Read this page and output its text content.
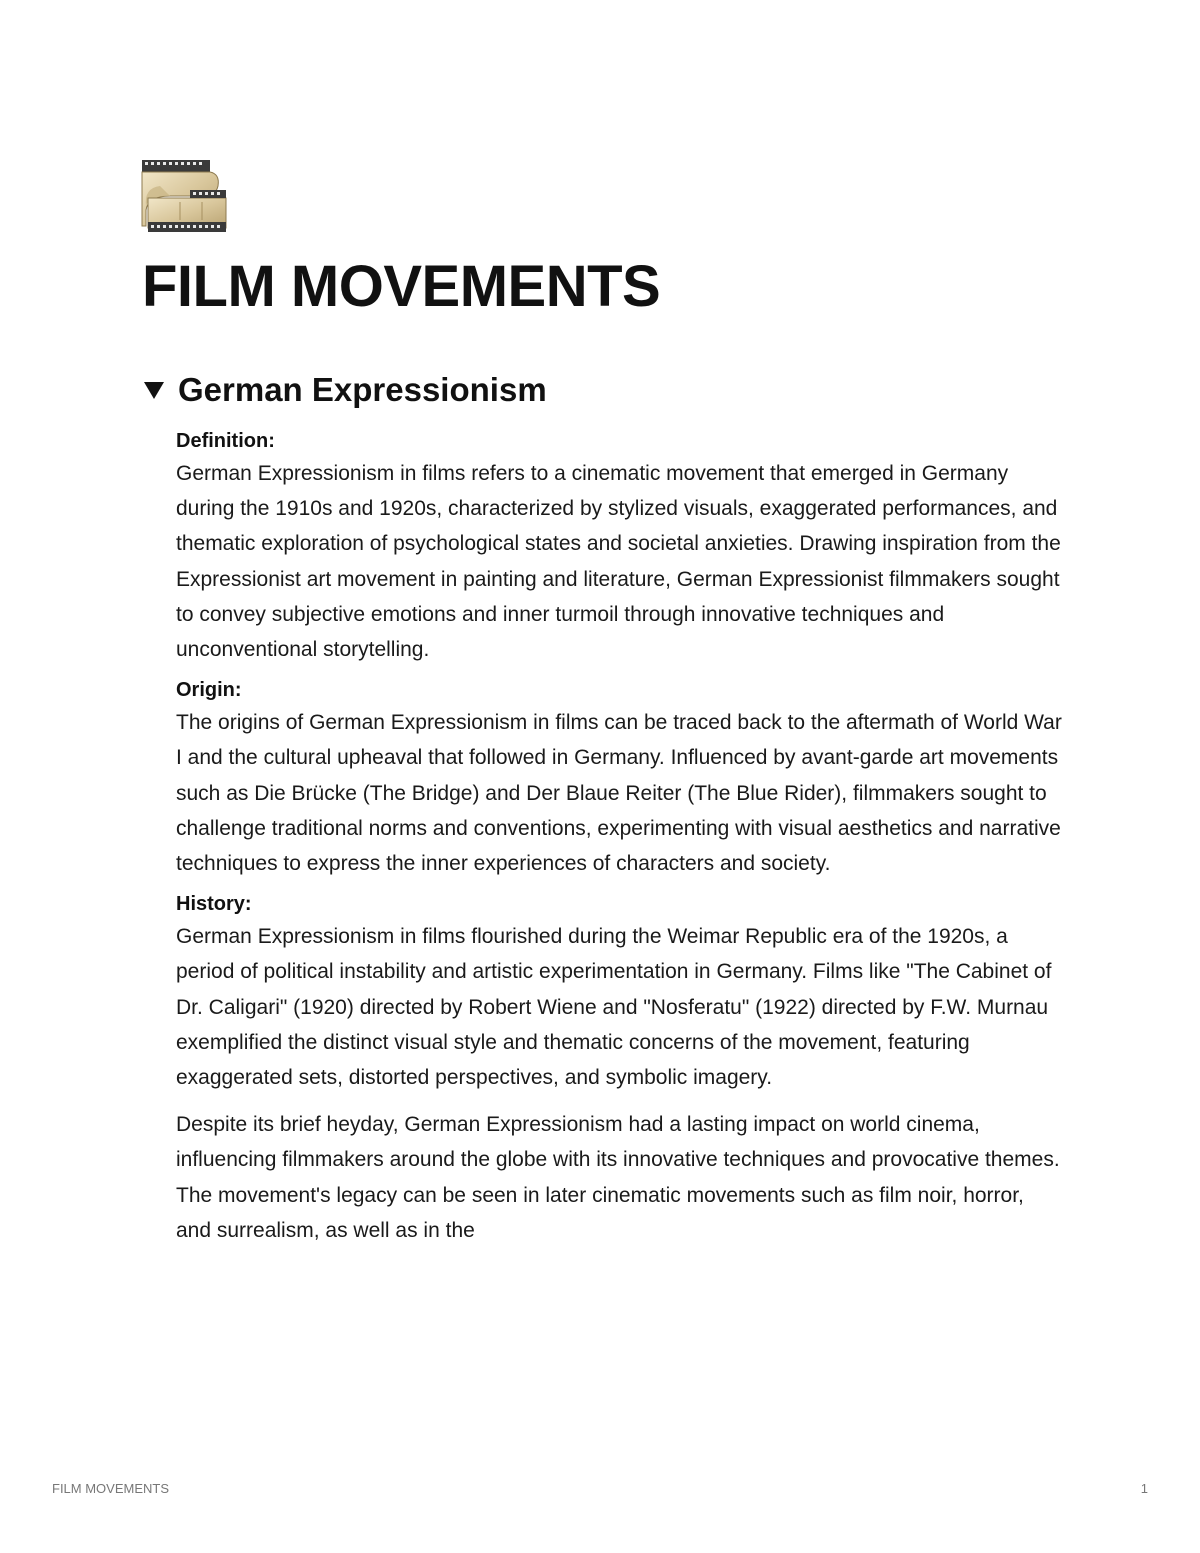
FILM MOVEMENTS
German Expressionism

Definition:

German Expressionism in films refers to a cinematic movement that emerged in Germany during the 1910s and 1920s, characterized by stylized visuals, exaggerated performances, and thematic exploration of psychological states and societal anxieties. Drawing inspiration from the Expressionist art movement in painting and literature, German Expressionist filmmakers sought to convey subjective emotions and inner turmoil through innovative techniques and unconventional storytelling.

Origin:

The origins of German Expressionism in films can be traced back to the aftermath of World War I and the cultural upheaval that followed in Germany. Influenced by avant-garde art movements such as Die Brücke (The Bridge) and Der Blaue Reiter (The Blue Rider), filmmakers sought to challenge traditional norms and conventions, experimenting with visual aesthetics and narrative techniques to express the inner experiences of characters and society.

History:

German Expressionism in films flourished during the Weimar Republic era of the 1920s, a period of political instability and artistic experimentation in Germany. Films like "The Cabinet of Dr. Caligari" (1920) directed by Robert Wiene and "Nosferatu" (1922) directed by F.W. Murnau exemplified the distinct visual style and thematic concerns of the movement, featuring exaggerated sets, distorted perspectives, and symbolic imagery.

Despite its brief heyday, German Expressionism had a lasting impact on world cinema, influencing filmmakers around the globe with its innovative techniques and provocative themes. The movement's legacy can be seen in later cinematic movements such as film noir, horror, and surrealism, as well as in the

FILM MOVEMENTS	1
